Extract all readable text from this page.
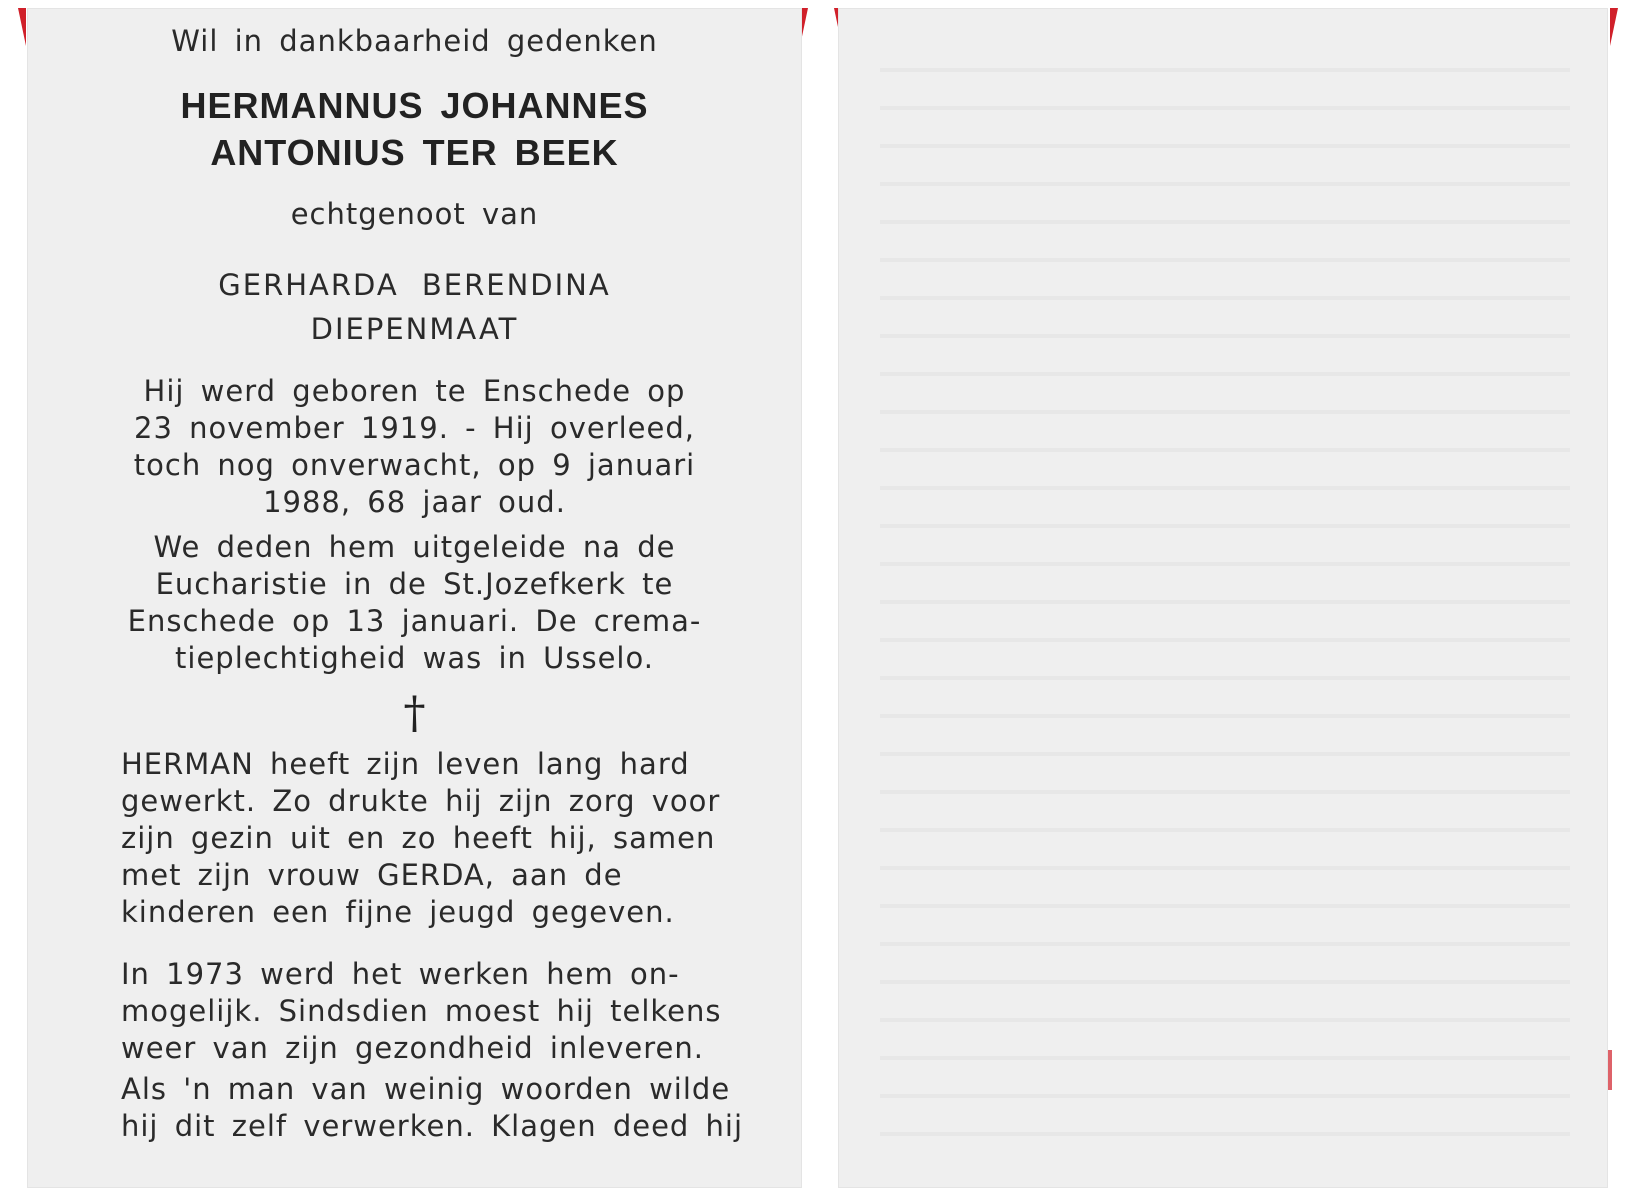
Wil in dankbaarheid gedenken
HERMANNUS JOHANNES
ANTONIUS TER BEEK
echtgenoot van
GERHARDA BERENDINA
DIEPENMAAT
Hij werd geboren te Enschede op
23 november 1919. - Hij overleed,
toch nog onverwacht, op 9 januari
1988, 68 jaar oud.
We deden hem uitgeleide na de
Eucharistie in de St.Jozefkerk te
Enschede op 13 januari. De crema-
tieplechtigheid was in Usselo.
†
HERMAN heeft zijn leven lang hard
gewerkt. Zo drukte hij zijn zorg voor
zijn gezin uit en zo heeft hij, samen
met zijn vrouw GERDA, aan de
kinderen een fijne jeugd gegeven.
In 1973 werd het werken hem on-
mogelijk. Sindsdien moest hij telkens
weer van zijn gezondheid inleveren.
Als 'n man van weinig woorden wilde
hij dit zelf verwerken. Klagen deed hij
